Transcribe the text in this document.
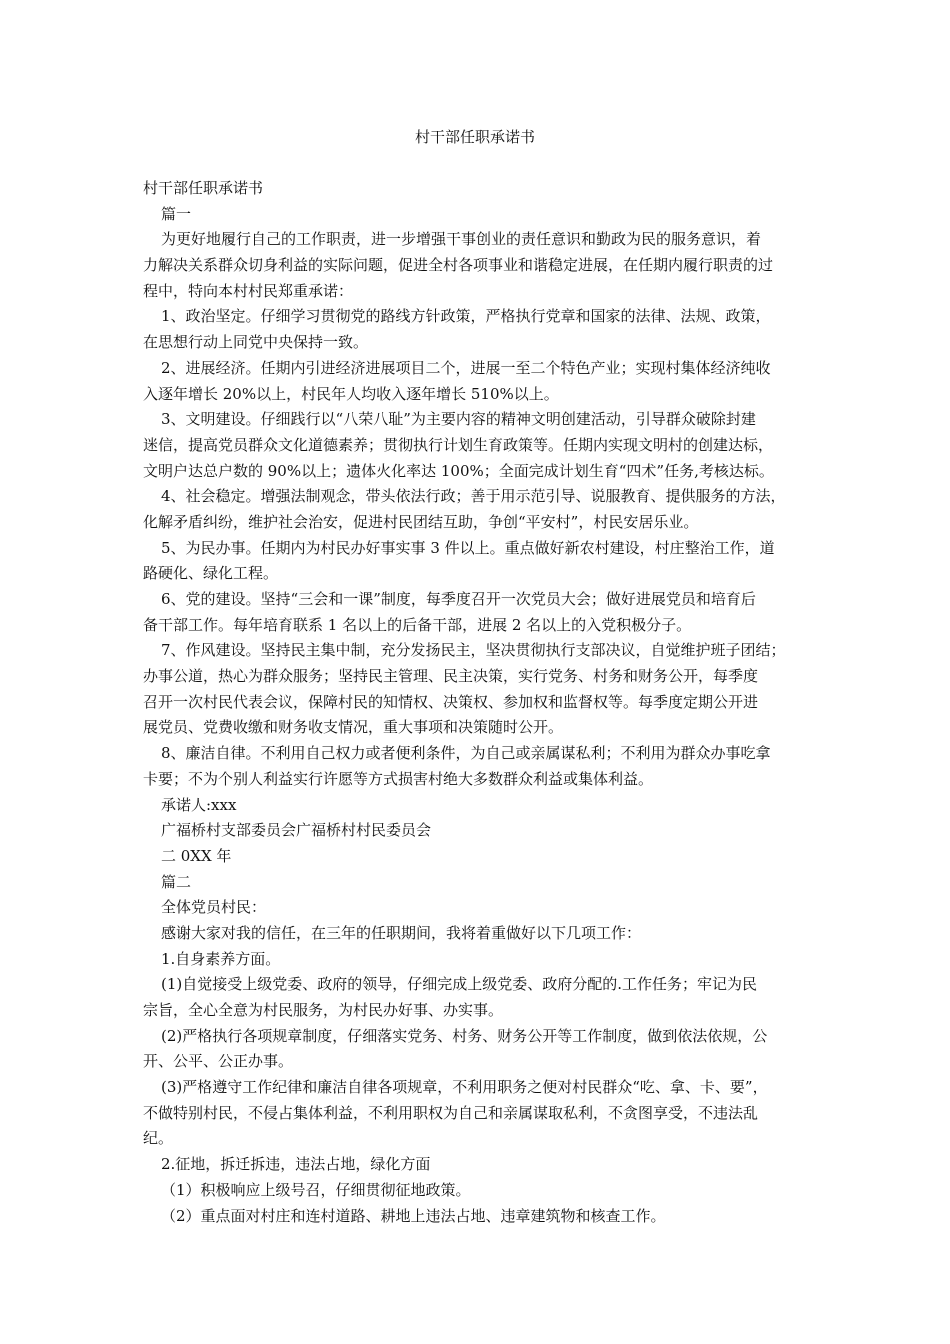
村干部任职承诺书
村干部任职承诺书
篇一
为更好地履行自己的工作职责，进一步增强干事创业的责任意识和勤政为民的服务意识，着
力解决关系群众切身利益的实际问题，促进全村各项事业和谐稳定进展，在任期内履行职责的过
程中，特向本村村民郑重承诺：
1、政治坚定。仔细学习贯彻党的路线方针政策，严格执行党章和国家的法律、法规、政策，
在思想行动上同党中央保持一致。
2、进展经济。任期内引进经济进展项目二个，进展一至二个特色产业；实现村集体经济纯收
入逐年增长 20%以上，村民年人均收入逐年增长 510%以上。
3、文明建设。仔细践行以“八荣八耻”为主要内容的精神文明创建活动，引导群众破除封建
迷信，提高党员群众文化道德素养；贯彻执行计划生育政策等。任期内实现文明村的创建达标，
文明户达总户数的 90%以上；遗体火化率达 100%；全面完成计划生育“四术”任务,考核达标。
4、社会稳定。增强法制观念，带头依法行政；善于用示范引导、说服教育、提供服务的方法，
化解矛盾纠纷，维护社会治安，促进村民团结互助，争创“平安村”，村民安居乐业。
5、为民办事。任期内为村民办好事实事 3 件以上。重点做好新农村建设，村庄整治工作，道
路硬化、绿化工程。
6、党的建设。坚持“三会和一课”制度，每季度召开一次党员大会；做好进展党员和培育后
备干部工作。每年培育联系 1 名以上的后备干部，进展 2 名以上的入党积极分子。
7、作风建设。坚持民主集中制，充分发扬民主，坚决贯彻执行支部决议，自觉维护班子团结；
办事公道，热心为群众服务；坚持民主管理、民主决策，实行党务、村务和财务公开，每季度
召开一次村民代表会议，保障村民的知情权、决策权、参加权和监督权等。每季度定期公开进
展党员、党费收缴和财务收支情况，重大事项和决策随时公开。
8、廉洁自律。不利用自己权力或者便利条件，为自己或亲属谋私利；不利用为群众办事吃拿
卡要；不为个别人利益实行许愿等方式损害村绝大多数群众利益或集体利益。
承诺人:xxx
广福桥村支部委员会广福桥村村民委员会
二 0XX 年
篇二
全体党员村民：
感谢大家对我的信任，在三年的任职期间，我将着重做好以下几项工作：
1.自身素养方面。
(1)自觉接受上级党委、政府的领导，仔细完成上级党委、政府分配的.工作任务；牢记为民
宗旨，全心全意为村民服务，为村民办好事、办实事。
(2)严格执行各项规章制度，仔细落实党务、村务、财务公开等工作制度，做到依法依规，公
开、公平、公正办事。
(3)严格遵守工作纪律和廉洁自律各项规章，不利用职务之便对村民群众“吃、拿、卡、要”，
不做特别村民，不侵占集体利益，不利用职权为自己和亲属谋取私利，不贪图享受，不违法乱
纪。
2.征地，拆迁拆违，违法占地，绿化方面
（1）积极响应上级号召，仔细贯彻征地政策。
（2）重点面对村庄和连村道路、耕地上违法占地、违章建筑物和核查工作。
